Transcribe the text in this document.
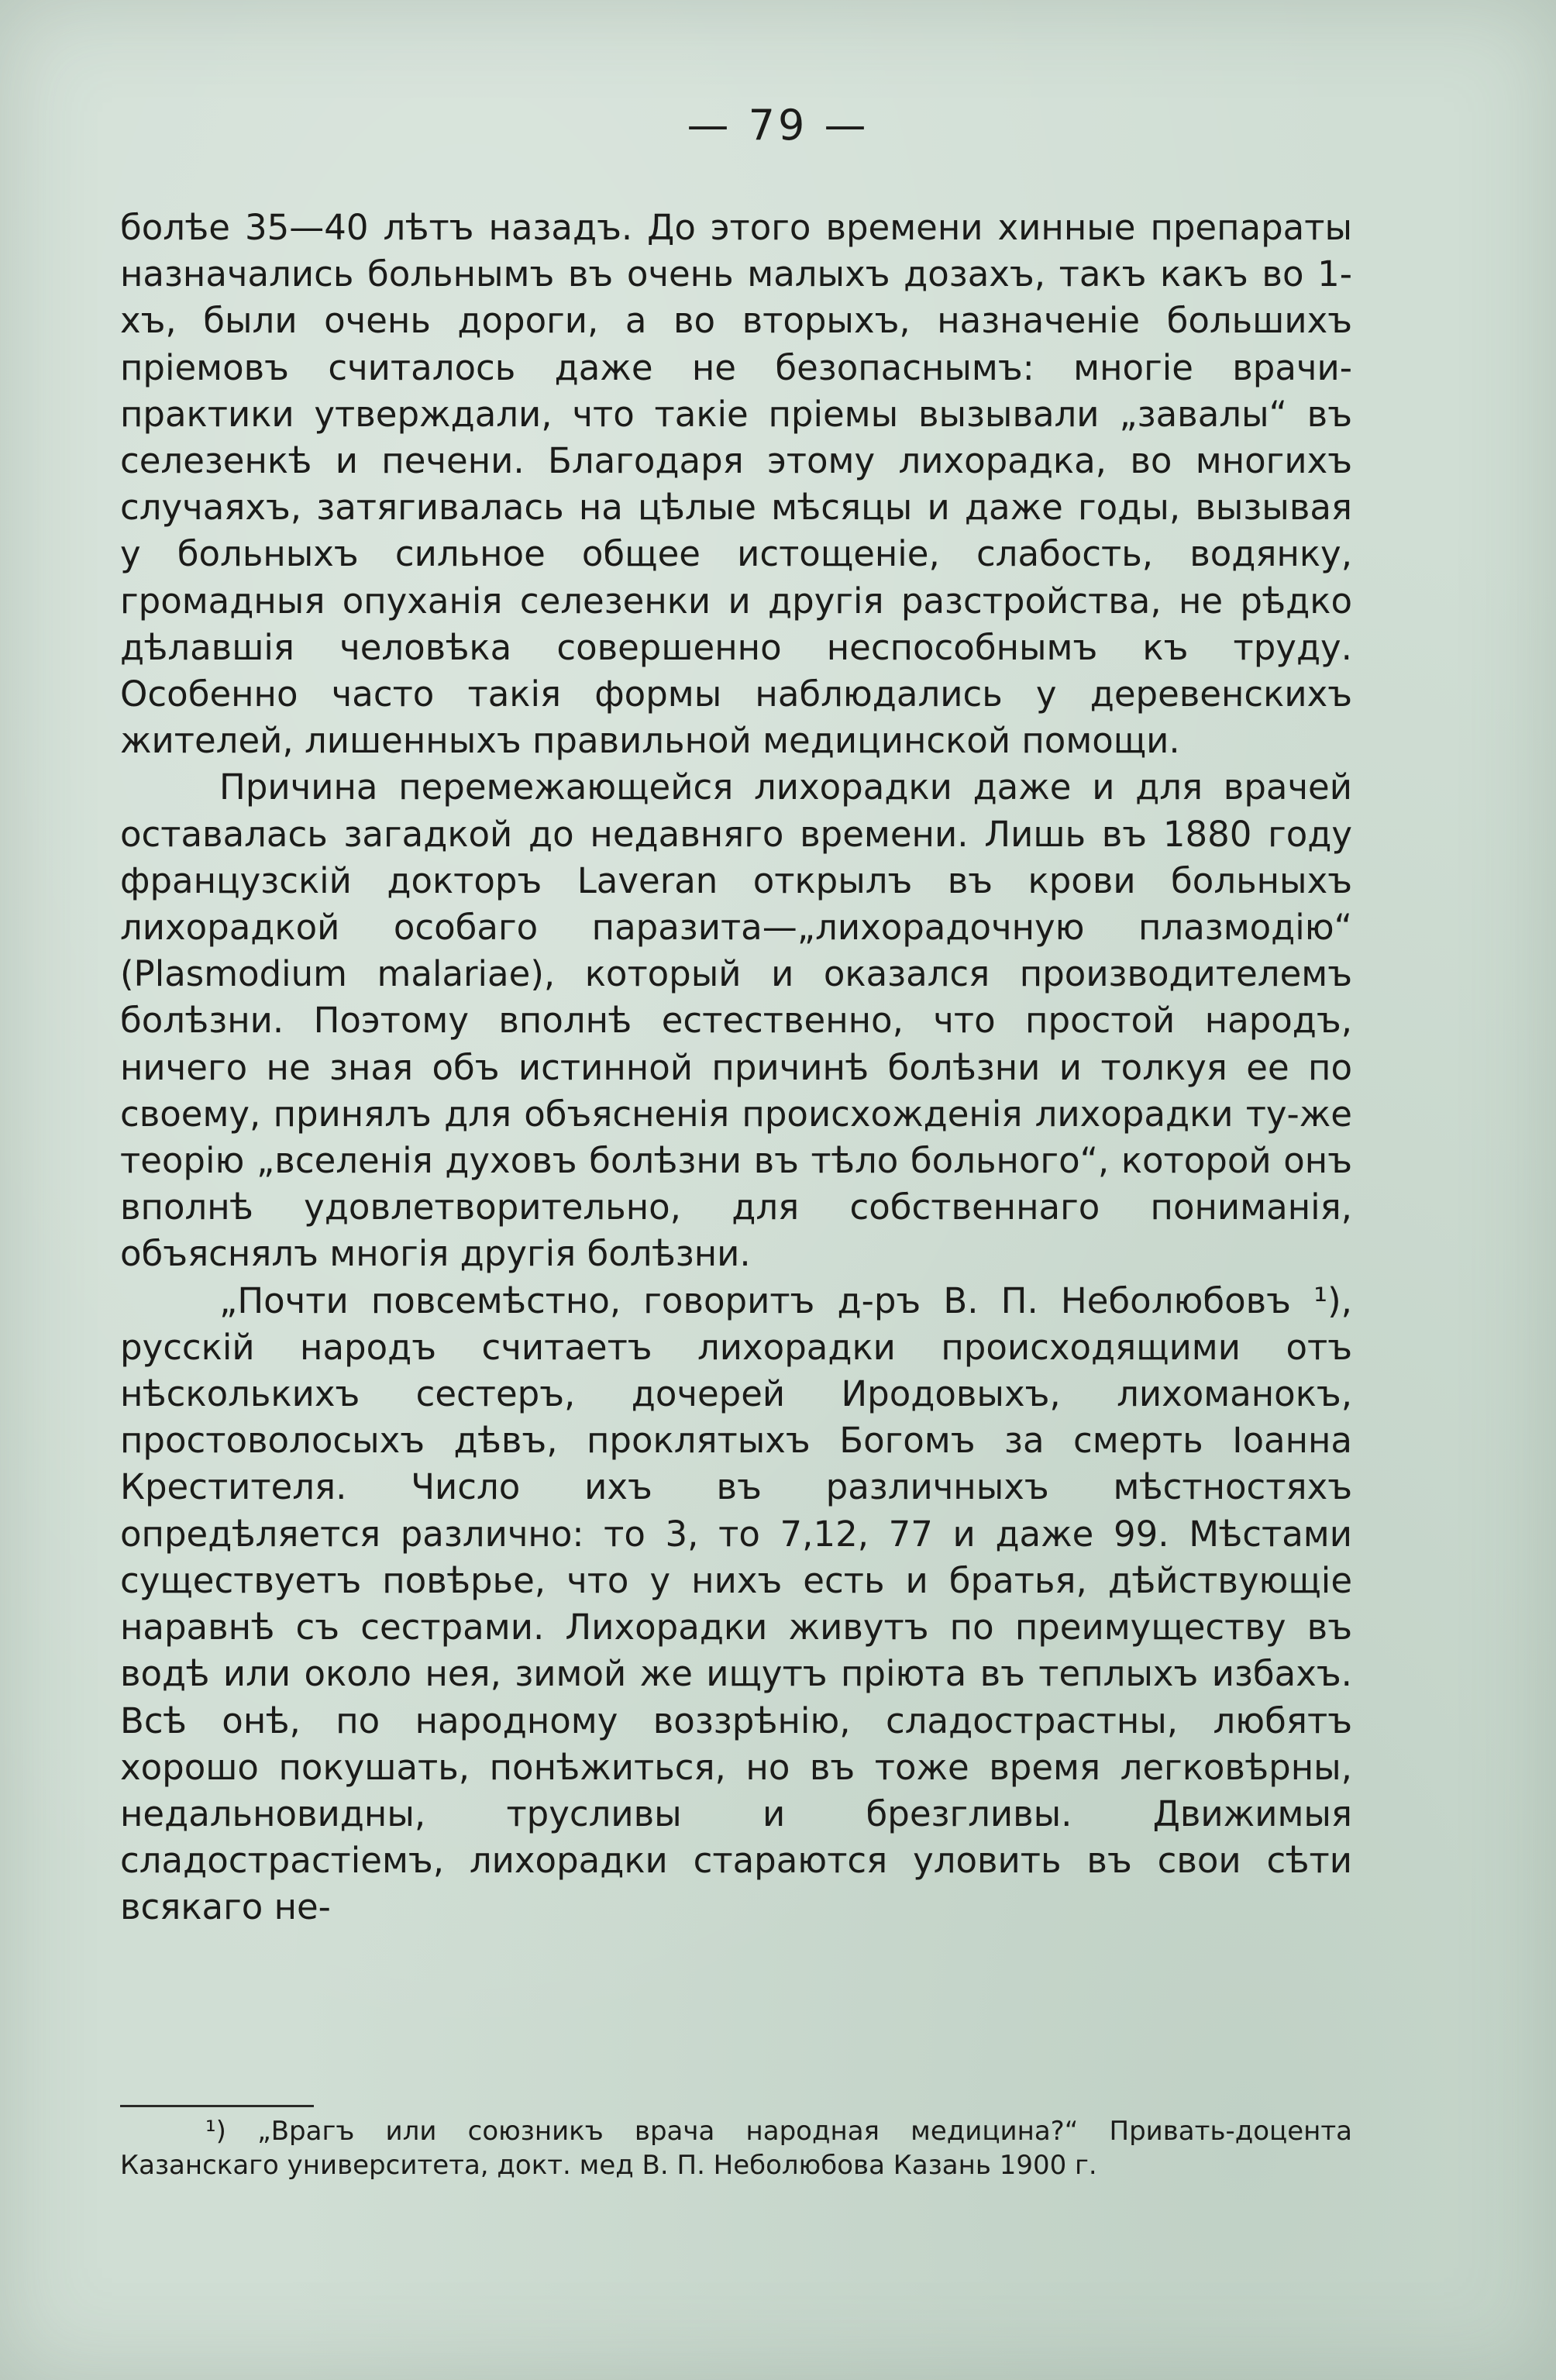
— 79 —

болѣе 35—40 лѣтъ назадъ. До этого времени хинные препараты назначались больнымъ въ очень малыхъ дозахъ, такъ какъ во 1-хъ, были очень дороги, а во вторыхъ, назначеніе большихъ пріемовъ считалось даже не безопаснымъ: многіе врачи-практики утверждали, что такіе пріемы вызывали „завалы“ въ селезенкѣ и печени. Благодаря этому лихорадка, во многихъ случаяхъ, затягивалась на цѣлые мѣсяцы и даже годы, вызывая у больныхъ сильное общее истощеніе, слабость, водянку, громадныя опуханія селезенки и другія разстройства, не рѣдко дѣлавшія человѣка совершенно неспособнымъ къ труду. Особенно часто такія формы наблюдались у деревенскихъ жителей, лишенныхъ правильной медицинской помощи.

Причина перемежающейся лихорадки даже и для врачей оставалась загадкой до недавняго времени. Лишь въ 1880 году французскій докторъ Laveran открылъ въ крови больныхъ лихорадкой особаго паразита—„лихорадочную плазмодію“ (Plasmodium malariae), который и оказался производителемъ болѣзни. Поэтому вполнѣ естественно, что простой народъ, ничего не зная объ истинной причинѣ болѣзни и толкуя ее по своему, принялъ для объясненія происхожденія лихорадки ту-же теорію „вселенія духовъ болѣзни въ тѣло больного“, которой онъ вполнѣ удовлетворительно, для собственнаго пониманія, объяснялъ многія другія болѣзни.

„Почти повсемѣстно, говоритъ д-ръ В. П. Неболюбовъ ¹), русскій народъ считаетъ лихорадки происходящими отъ нѣсколькихъ сестеръ, дочерей Иродовыхъ, лихоманокъ, простоволосыхъ дѣвъ, проклятыхъ Богомъ за смерть Іоанна Крестителя. Число ихъ въ различныхъ мѣстностяхъ опредѣляется различно: то 3, то 7,12, 77 и даже 99. Мѣстами существуетъ повѣрье, что у нихъ есть и братья, дѣйствующіе наравнѣ съ сестрами. Лихорадки живутъ по преимуществу въ водѣ или около нея, зимой же ищутъ пріюта въ теплыхъ избахъ. Всѣ онѣ, по народному воззрѣнію, сладострастны, любятъ хорошо покушать, понѣжиться, но въ тоже время легковѣрны, недальновидны, трусливы и брезгливы. Движимыя сладострастіемъ, лихорадки стараются уловить въ свои сѣти всякаго не-

¹) „Врагъ или союзникъ врача народная медицина?“ Привать-доцента Казанскаго университета, докт. мед В. П. Неболюбова Казань 1900 г.
